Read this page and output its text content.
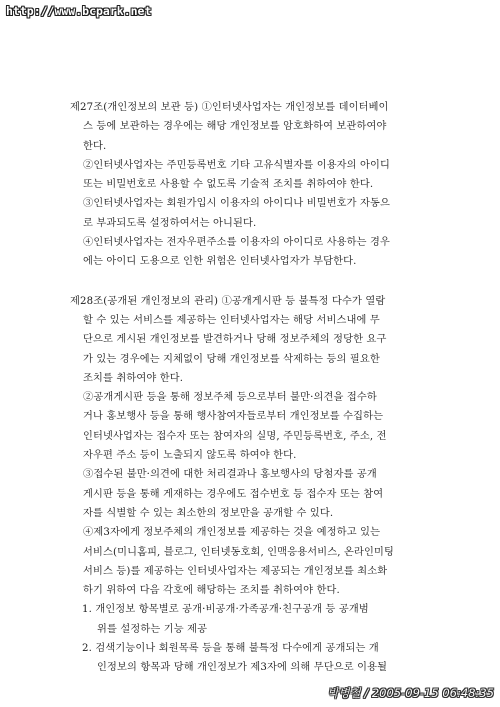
http://www.bcpark.net

제27조(개인정보의 보관 등) ①인터넷사업자는 개인정보를 데이터베이

스 등에 보관하는 경우에는 해당 개인정보를 암호화하여 보관하여야

한다.

②인터넷사업자는 주민등록번호 기타 고유식별자를 이용자의 아이디

또는 비밀번호로 사용할 수 없도록 기술적 조치를 취하여야 한다.

③인터넷사업자는 회원가입시 이용자의 아이디나 비밀번호가 자동으

로 부과되도록 설정하여서는 아니된다.

④인터넷사업자는 전자우편주소를 이용자의 아이디로 사용하는 경우

에는 아이디 도용으로 인한 위험은 인터넷사업자가 부담한다.

제28조(공개된 개인정보의 관리) ①공개게시판 등 불특정 다수가 열람

할 수 있는 서비스를 제공하는 인터넷사업자는 해당 서비스내에 무

단으로 게시된 개인정보를 발견하거나 당해 정보주체의 정당한 요구

가 있는 경우에는 지체없이 당해 개인정보를 삭제하는 등의 필요한

조치를 취하여야 한다.

②공개게시판 등을 통해 정보주체 등으로부터 불만·의견을 접수하

거나 홍보행사 등을 통해 행사참여자들로부터 개인정보를 수집하는

인터넷사업자는 접수자 또는 참여자의 실명, 주민등록번호, 주소, 전

자우편 주소 등이 노출되지 않도록 하여야 한다.

③접수된 불만·의견에 대한 처리결과나 홍보행사의 당첨자를 공개

게시판 등을 통해 게재하는 경우에도 접수번호 등 접수자 또는 참여

자를 식별할 수 있는 최소한의 정보만을 공개할 수 있다.

④제3자에게 정보주체의 개인정보를 제공하는 것을 예정하고 있는

서비스(미니홈피, 블로그, 인터넷동호회, 인맥응용서비스, 온라인미팅

서비스 등)를 제공하는 인터넷사업자는 제공되는 개인정보를 최소화

하기 위하여 다음 각호에 해당하는 조치를 취하여야 한다.

1. 개인정보 항목별로 공개·비공개·가족공개·친구공개 등 공개범

위를 설정하는 기능 제공

2. 검색기능이나 회원목록 등을 통해 불특정 다수에게 공개되는 개

인정보의 항목과 당해 개인정보가 제3자에 의해 무단으로 이용될

박병철 / 2005-09-15 06:48:35
